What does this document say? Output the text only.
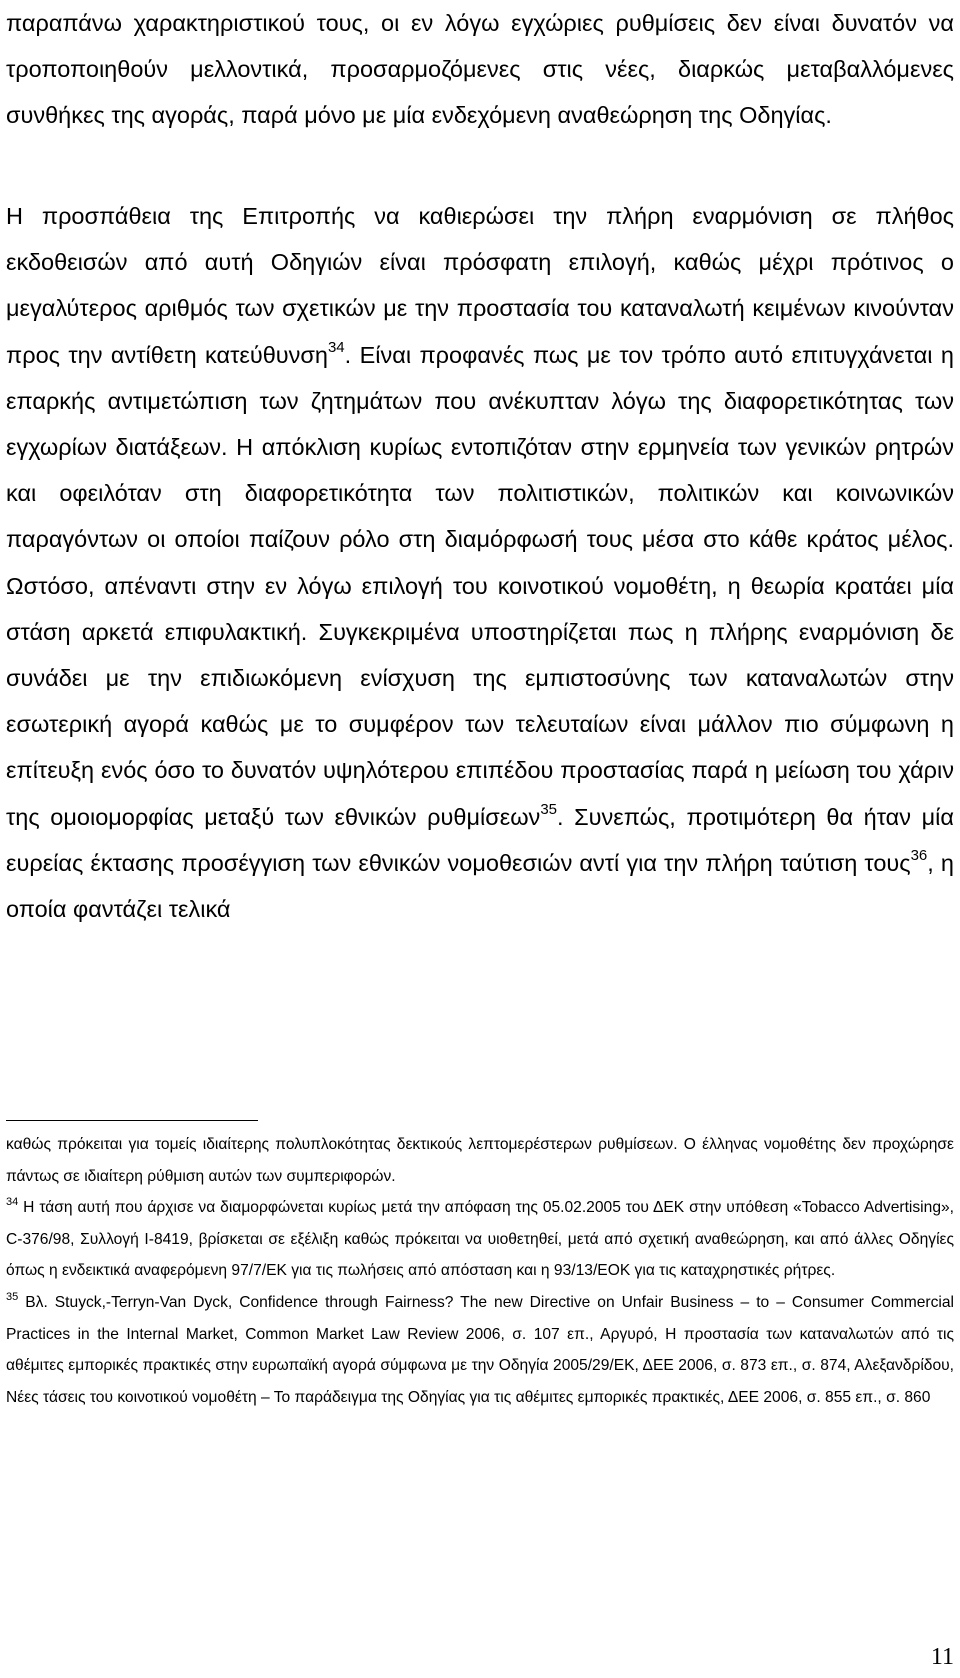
παραπάνω χαρακτηριστικού τους, οι εν λόγω εγχώριες ρυθμίσεις δεν είναι δυνατόν να τροποποιηθούν μελλοντικά, προσαρμοζόμενες στις νέες, διαρκώς μεταβαλλόμενες συνθήκες της αγοράς, παρά μόνο με μία ενδεχόμενη αναθεώρηση της Οδηγίας.

Η προσπάθεια της Επιτροπής να καθιερώσει την πλήρη εναρμόνιση σε πλήθος εκδοθεισών από αυτή Οδηγιών είναι πρόσφατη επιλογή, καθώς μέχρι πρότινος ο μεγαλύτερος αριθμός των σχετικών με την προστασία του καταναλωτή κειμένων κινούνταν προς την αντίθετη κατεύθυνση$^{34}$. Είναι προφανές πως με τον τρόπο αυτό επιτυγχάνεται η επαρκής αντιμετώπιση των ζητημάτων που ανέκυπταν λόγω της διαφορετικότητας των εγχωρίων διατάξεων. Η απόκλιση κυρίως εντοπιζόταν στην ερμηνεία των γενικών ρητρών και οφειλόταν στη διαφορετικότητα των πολιτιστικών, πολιτικών και κοινωνικών παραγόντων οι οποίοι παίζουν ρόλο στη διαμόρφωσή τους μέσα στο κάθε κράτος μέλος. Ωστόσο, απέναντι στην εν λόγω επιλογή του κοινοτικού νομοθέτη, η θεωρία κρατάει μία στάση αρκετά επιφυλακτική. Συγκεκριμένα υποστηρίζεται πως η πλήρης εναρμόνιση δε συνάδει με την επιδιωκόμενη ενίσχυση της εμπιστοσύνης των καταναλωτών στην εσωτερική αγορά καθώς με το συμφέρον των τελευταίων είναι μάλλον πιο σύμφωνη η επίτευξη ενός όσο το δυνατόν υψηλότερου επιπέδου προστασίας παρά η μείωση του χάριν της ομοιομορφίας μεταξύ των εθνικών ρυθμίσεων$^{35}$. Συνεπώς, προτιμότερη θα ήταν μία ευρείας έκτασης προσέγγιση των εθνικών νομοθεσιών αντί για την πλήρη ταύτιση τους$^{36}$, η οποία φαντάζει τελικά

καθώς πρόκειται για τομείς ιδιαίτερης πολυπλοκότητας δεκτικούς λεπτομερέστερων ρυθμίσεων. Ο έλληνας νομοθέτης δεν προχώρησε πάντως σε ιδιαίτερη ρύθμιση αυτών των συμπεριφορών.

$^{34}$ Η τάση αυτή που άρχισε να διαμορφώνεται κυρίως μετά την απόφαση της 05.02.2005 του ΔΕΚ στην υπόθεση «Tobacco Advertising», C-376/98, Συλλογή I-8419, βρίσκεται σε εξέλιξη καθώς πρόκειται να υιοθετηθεί, μετά από σχετική αναθεώρηση, και από άλλες Οδηγίες όπως η ενδεικτικά αναφερόμενη 97/7/ΕΚ για τις πωλήσεις από απόσταση και η 93/13/ΕΟΚ για τις καταχρηστικές ρήτρες.

$^{35}$ Βλ. Stuyck,-Terryn-Van Dyck, Confidence through Fairness? The new Directive on Unfair Business – to – Consumer Commercial Practices in the Internal Market, Common Market Law Review 2006, σ. 107 επ., Αργυρό, Η προστασία των καταναλωτών από τις αθέμιτες εμπορικές πρακτικές στην ευρωπαϊκή αγορά σύμφωνα με την Οδηγία 2005/29/ΕΚ, ΔΕΕ 2006, σ. 873 επ., σ. 874, Αλεξανδρίδου, Νέες τάσεις του κοινοτικού νομοθέτη – Το παράδειγμα της Οδηγίας για τις αθέμιτες εμπορικές πρακτικές, ΔΕΕ 2006, σ. 855 επ., σ. 860

11
